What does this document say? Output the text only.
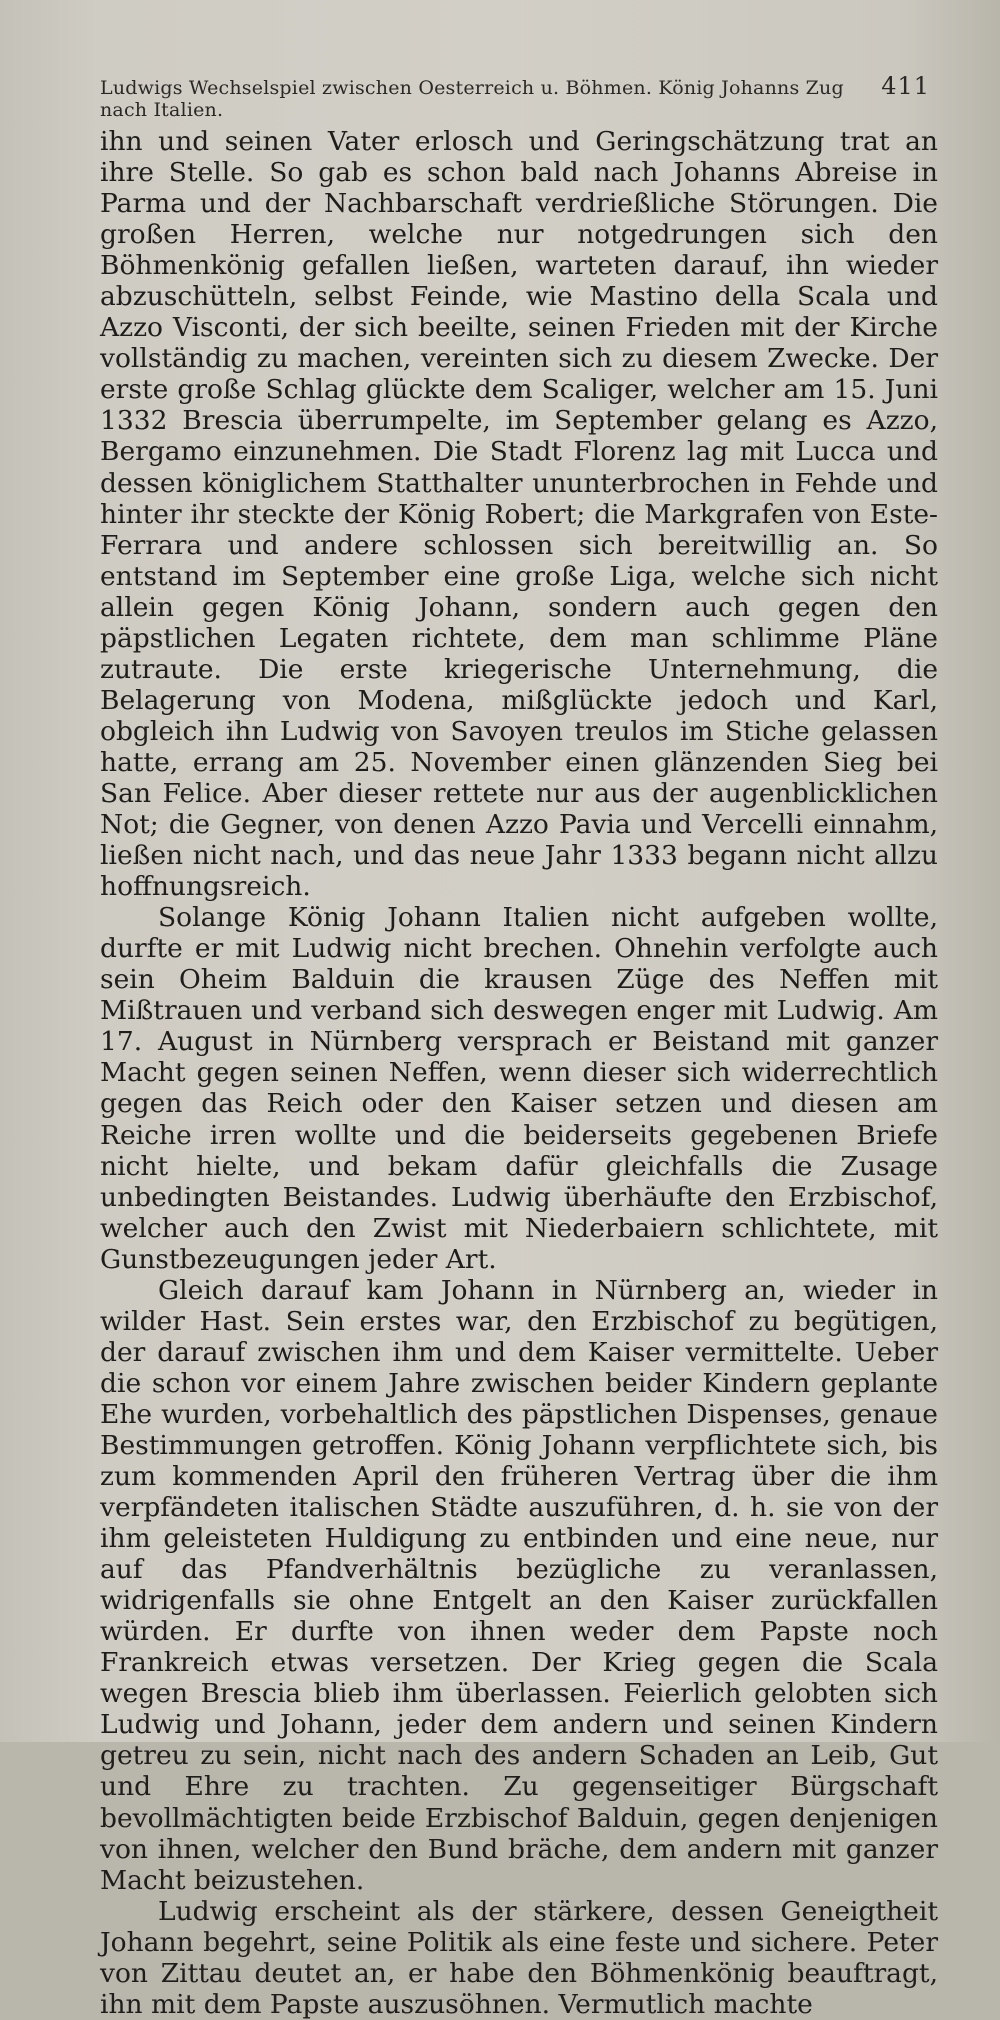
Ludwigs Wechselspiel zwischen Oesterreich u. Böhmen. König Johanns Zug nach Italien.
411

ihn und seinen Vater erlosch und Geringschätzung trat an ihre Stelle. So gab es schon bald nach Johanns Abreise in Parma und der Nachbarschaft verdrießliche Störungen. Die großen Herren, welche nur notgedrungen sich den Böhmenkönig gefallen ließen, warteten darauf, ihn wieder abzuschütteln, selbst Feinde, wie Mastino della Scala und Azzo Visconti, der sich beeilte, seinen Frieden mit der Kirche vollständig zu machen, vereinten sich zu diesem Zwecke. Der erste große Schlag glückte dem Scaliger, welcher am 15. Juni 1332 Brescia überrumpelte, im September gelang es Azzo, Bergamo einzunehmen. Die Stadt Florenz lag mit Lucca und dessen königlichem Statthalter ununterbrochen in Fehde und hinter ihr steckte der König Robert; die Markgrafen von Este-Ferrara und andere schlossen sich bereitwillig an. So entstand im September eine große Liga, welche sich nicht allein gegen König Johann, sondern auch gegen den päpstlichen Legaten richtete, dem man schlimme Pläne zutraute. Die erste kriegerische Unternehmung, die Belagerung von Modena, mißglückte jedoch und Karl, obgleich ihn Ludwig von Savoyen treulos im Stiche gelassen hatte, errang am 25. November einen glänzenden Sieg bei San Felice. Aber dieser rettete nur aus der augenblicklichen Not; die Gegner, von denen Azzo Pavia und Vercelli einnahm, ließen nicht nach, und das neue Jahr 1333 begann nicht allzu hoffnungsreich.

Solange König Johann Italien nicht aufgeben wollte, durfte er mit Ludwig nicht brechen. Ohnehin verfolgte auch sein Oheim Balduin die krausen Züge des Neffen mit Mißtrauen und verband sich deswegen enger mit Ludwig. Am 17. August in Nürnberg versprach er Beistand mit ganzer Macht gegen seinen Neffen, wenn dieser sich widerrechtlich gegen das Reich oder den Kaiser setzen und diesen am Reiche irren wollte und die beiderseits gegebenen Briefe nicht hielte, und bekam dafür gleichfalls die Zusage unbedingten Beistandes. Ludwig überhäufte den Erzbischof, welcher auch den Zwist mit Niederbaiern schlichtete, mit Gunstbezeugungen jeder Art.

Gleich darauf kam Johann in Nürnberg an, wieder in wilder Hast. Sein erstes war, den Erzbischof zu begütigen, der darauf zwischen ihm und dem Kaiser vermittelte. Ueber die schon vor einem Jahre zwischen beider Kindern geplante Ehe wurden, vorbehaltlich des päpstlichen Dispenses, genaue Bestimmungen getroffen. König Johann verpflichtete sich, bis zum kommenden April den früheren Vertrag über die ihm verpfändeten italischen Städte auszuführen, d. h. sie von der ihm geleisteten Huldigung zu entbinden und eine neue, nur auf das Pfandverhältnis bezügliche zu veranlassen, widrigenfalls sie ohne Entgelt an den Kaiser zurückfallen würden. Er durfte von ihnen weder dem Papste noch Frankreich etwas versetzen. Der Krieg gegen die Scala wegen Brescia blieb ihm überlassen. Feierlich gelobten sich Ludwig und Johann, jeder dem andern und seinen Kindern getreu zu sein, nicht nach des andern Schaden an Leib, Gut und Ehre zu trachten. Zu gegenseitiger Bürgschaft bevollmächtigten beide Erzbischof Balduin, gegen denjenigen von ihnen, welcher den Bund bräche, dem andern mit ganzer Macht beizustehen.

Ludwig erscheint als der stärkere, dessen Geneigtheit Johann begehrt, seine Politik als eine feste und sichere. Peter von Zittau deutet an, er habe den Böhmenkönig beauftragt, ihn mit dem Papste auszusöhnen. Vermutlich machte
